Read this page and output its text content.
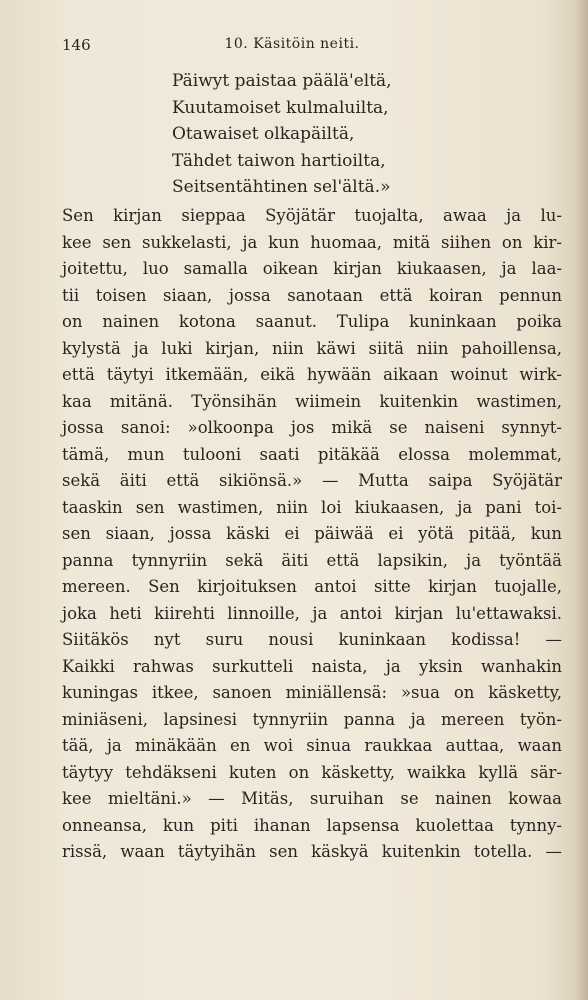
146	10. Käsitöin neiti.
Päiwyt paistaa päälä'eltä,
Kuutamoiset kulmaluilta,
Otawaiset olkapäiltä,
Tähdet taiwon hartioilta,
Seitsentähtinen sel'ältä.»
Sen kirjan sieppaa Syöjätär tuojalta, awaa ja lu-
kee sen sukkelasti, ja kun huomaa, mitä siihen on kir-
joitettu, luo samalla oikean kirjan kiukaasen, ja laa-
tii toisen siaan, jossa sanotaan että koiran pennun
on nainen kotona saanut. Tulipa kuninkaan poika
kylystä ja luki kirjan, niin käwi siitä niin pahoillensa,
että täytyi itkemään, eikä hywään aikaan woinut wirk-
kaa mitänä. Työnsihän wiimein kuitenkin wastimen,
jossa sanoi: »olkoonpa jos mikä se naiseni synnyt-
tämä, mun tulooni saati pitäkää elossa molemmat,
sekä äiti että sikiönsä.» — Mutta saipa Syöjätär
taaskin sen wastimen, niin loi kiukaasen, ja pani toi-
sen siaan, jossa käski ei päiwää ei yötä pitää, kun
panna tynnyriin sekä äiti että lapsikin, ja työntää
mereen. Sen kirjoituksen antoi sitte kirjan tuojalle,
joka heti kiirehti linnoille, ja antoi kirjan lu'ettawaksi.
Siitäkös nyt suru nousi kuninkaan kodissa! —
Kaikki rahwas surkutteli naista, ja yksin wanhakin
kuningas itkee, sanoen miniällensä: »sua on käsketty,
miniäseni, lapsinesi tynnyriin panna ja mereen työn-
tää, ja minäkään en woi sinua raukkaa auttaa, waan
täytyy tehdäkseni kuten on käsketty, waikka kyllä sär-
kee mieltäni.» — Mitäs, suruihan se nainen kowaa
onneansa, kun piti ihanan lapsensa kuolettaa tynny-
rissä, waan täytyihän sen käskyä kuitenkin totella. —
